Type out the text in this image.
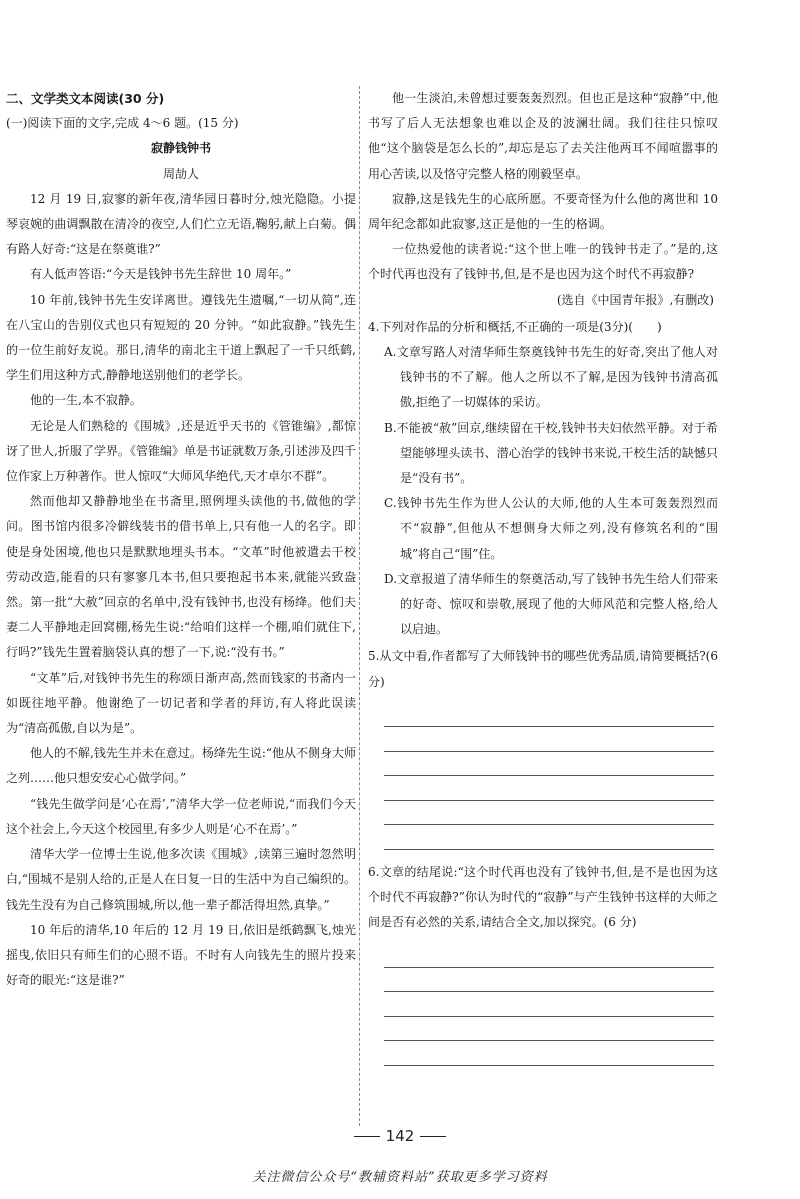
二、文学类文本阅读(30 分)

(一)阅读下面的文字,完成 4～6 题。(15 分)

寂静钱钟书

周劼人

12 月 19 日,寂寥的新年夜,清华园日暮时分,烛光隐隐。小提琴哀婉的曲调飘散在清冷的夜空,人们伫立无语,鞠躬,献上白菊。偶有路人好奇:“这是在祭奠谁?”

有人低声答语:“今天是钱钟书先生辞世 10 周年。”

10 年前,钱钟书先生安详离世。遵钱先生遗嘱,“一切从简”,连在八宝山的告别仪式也只有短短的 20 分钟。“如此寂静。”钱先生的一位生前好友说。那日,清华的南北主干道上飘起了一千只纸鹤,学生们用这种方式,静静地送别他们的老学长。

他的一生,本不寂静。

无论是人们熟稔的《围城》,还是近乎天书的《管锥编》,都惊讶了世人,折服了学界。《管锥编》单是书证就数万条,引述涉及四千位作家上万种著作。世人惊叹“大师风华绝代,天才卓尔不群”。

然而他却又静静地坐在书斋里,照例埋头读他的书,做他的学问。图书馆内很多冷僻线装书的借书单上,只有他一人的名字。即使是身处困境,他也只是默默地埋头书本。“文革”时他被遣去干校劳动改造,能看的只有寥寥几本书,但只要抱起书本来,就能兴致盎然。第一批“大赦”回京的名单中,没有钱钟书,也没有杨绛。他们夫妻二人平静地走回窝棚,杨先生说:“给咱们这样一个棚,咱们就住下,行吗?”钱先生置着脑袋认真的想了一下,说:“没有书。”

“文革”后,对钱钟书先生的称颂日渐声高,然而钱家的书斋内一如既往地平静。他谢绝了一切记者和学者的拜访,有人将此误读为“清高孤傲,自以为是”。

他人的不解,钱先生并未在意过。杨绛先生说:“他从不侧身大师之列……他只想安安心心做学问。”

“钱先生做学问是‘心在焉’,”清华大学一位老师说,“而我们今天这个社会上,今天这个校园里,有多少人则是‘心不在焉’。”

清华大学一位博士生说,他多次读《围城》,读第三遍时忽然明白,“围城不是别人给的,正是人在日复一日的生活中为自己编织的。钱先生没有为自己修筑围城,所以,他一辈子都活得坦然,真挚。”

10 年后的清华,10 年后的 12 月 19 日,依旧是纸鹤飘飞,烛光摇曳,依旧只有师生们的心照不语。不时有人向钱先生的照片投来好奇的眼光:“这是谁?”

他一生淡泊,未曾想过要轰轰烈烈。但也正是这种“寂静”中,他书写了后人无法想象也难以企及的波澜壮阔。我们往往只惊叹他“这个脑袋是怎么长的”,却忘是忘了去关注他两耳不闻喧嚣事的用心苦读,以及恪守完整人格的刚毅坚卓。

寂静,这是钱先生的心底所愿。不要奇怪为什么他的离世和 10 周年纪念都如此寂寥,这正是他的一生的格调。

一位热爱他的读者说:“这个世上唯一的钱钟书走了。”是的,这个时代再也没有了钱钟书,但,是不是也因为这个时代不再寂静?

(选自《中国青年报》,有删改)

4.下列对作品的分析和概括,不正确的一项是(3分)(　　)

A.文章写路人对清华师生祭奠钱钟书先生的好奇,突出了他人对钱钟书的不了解。他人之所以不了解,是因为钱钟书清高孤傲,拒绝了一切媒体的采访。

B.不能被“赦”回京,继续留在干校,钱钟书夫妇依然平静。对于希望能够埋头读书、潜心治学的钱钟书来说,干校生活的缺憾只是“没有书”。

C.钱钟书先生作为世人公认的大师,他的人生本可轰轰烈烈而不“寂静”,但他从不想侧身大师之列,没有修筑名利的“围城”将自己“围”住。

D.文章报道了清华师生的祭奠活动,写了钱钟书先生给人们带来的好奇、惊叹和崇敬,展现了他的大师风范和完整人格,给人以启迪。

5.从文中看,作者都写了大师钱钟书的哪些优秀品质,请简要概括?(6 分)

6.文章的结尾说:“这个时代再也没有了钱钟书,但,是不是也因为这个时代不再寂静?”你认为时代的“寂静”与产生钱钟书这样的大师之间是否有必然的关系,请结合全文,加以探究。(6 分)

142
关注微信公众号“教辅资料站”获取更多学习资料
